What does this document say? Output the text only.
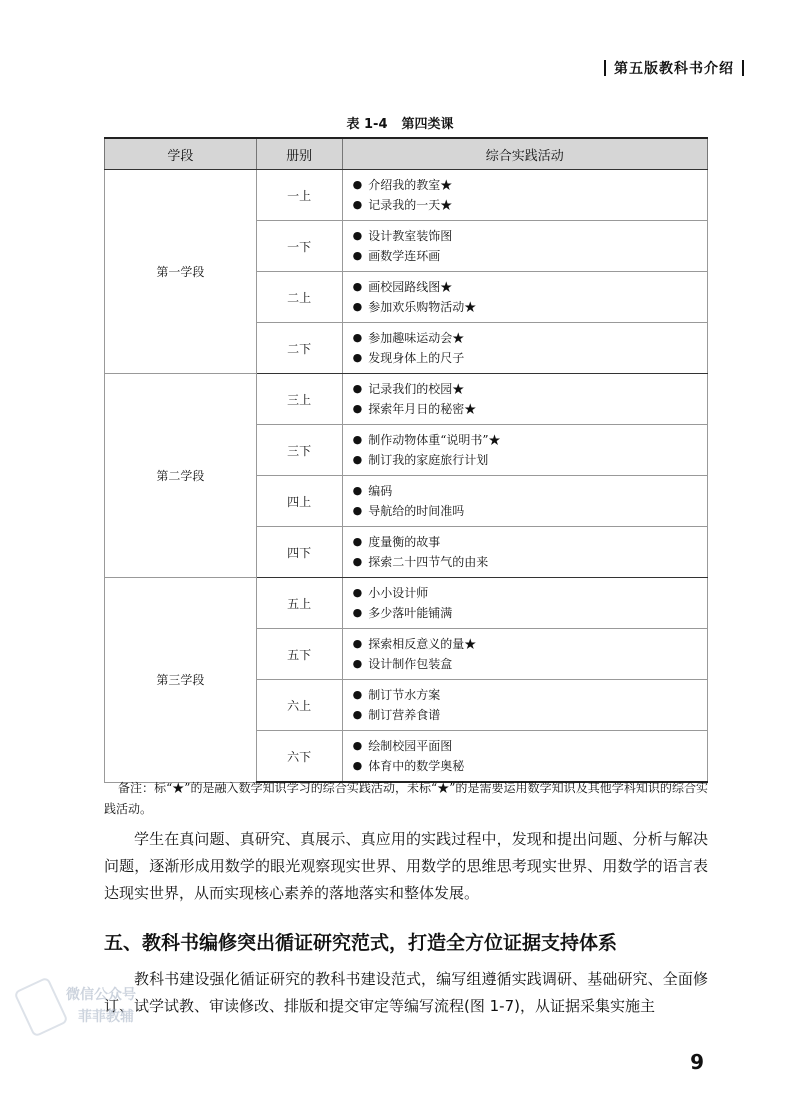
第五版教科书介绍
表 1-4 第四类课
学段	册别	综合实践活动
第一学段	一上	● 介绍我的教室★
● 记录我的一天★

	一下	● 设计教室装饰图
● 画数学连环画

	二上	● 画校园路线图★
● 参加欢乐购物活动★

	二下	● 参加趣味运动会★
● 发现身体上的尺子

第二学段	三上	● 记录我们的校园★
● 探索年月日的秘密★

	三下	● 制作动物体重“说明书”★
● 制订我的家庭旅行计划

	四上	● 编码
● 导航给的时间准吗

	四下	● 度量衡的故事
● 探索二十四节气的由来

第三学段	五上	● 小小设计师
● 多少落叶能铺满

	五下	● 探索相反意义的量★
● 设计制作包装盒

	六上	● 制订节水方案
● 制订营养食谱

	六下	● 绘制校园平面图
● 体育中的数学奥秘
备注：标“★”的是融入数学知识学习的综合实践活动，未标“★”的是需要运用数学知识及其他学科知识的综合实践活动。
学生在真问题、真研究、真展示、真应用的实践过程中，发现和提出问题、分析与解决问题，逐渐形成用数学的眼光观察现实世界、用数学的思维思考现实世界、用数学的语言表达现实世界，从而实现核心素养的落地落实和整体发展。
五、教科书编修突出循证研究范式，打造全方位证据支持体系
教科书建设强化循证研究的教科书建设范式，编写组遵循实践调研、基础研究、全面修订、试学试教、审读修改、排版和提交审定等编写流程(图 1-7)，从证据采集实施主
微信公众号
菲菲教辅
9
